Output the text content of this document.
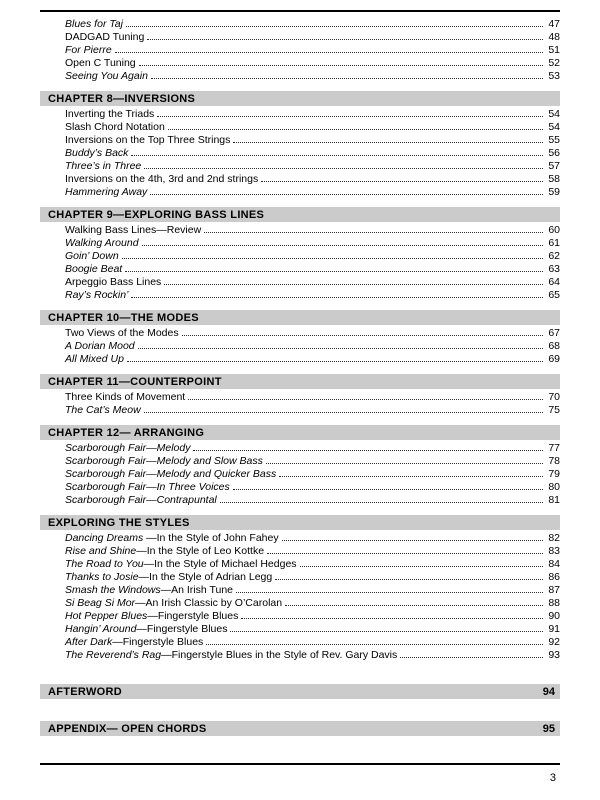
Blues for Taj	47
DADGAD Tuning	48
For Pierre	51
Open C Tuning	52
Seeing You Again	53
CHAPTER 8—INVERSIONS
Inverting the Triads	54
Slash Chord Notation	54
Inversions on the Top Three Strings	55
Buddy’s Back	56
Three’s in Three	57
Inversions on the 4th, 3rd and 2nd strings	58
Hammering Away	59
CHAPTER 9—EXPLORING BASS LINES
Walking Bass Lines—Review	60
Walking Around	61
Goin’ Down	62
Boogie Beat	63
Arpeggio Bass Lines	64
Ray’s Rockin’	65
CHAPTER 10—THE MODES
Two Views of the Modes	67
A Dorian Mood	68
All Mixed Up	69
CHAPTER 11—COUNTERPOINT
Three Kinds of Movement	70
The Cat’s Meow	75
CHAPTER 12— ARRANGING
Scarborough Fair—Melody	77
Scarborough Fair—Melody and Slow Bass	78
Scarborough Fair—Melody and Quicker Bass	79
Scarborough Fair—In Three Voices	80
Scarborough Fair—Contrapuntal	81
EXPLORING THE STYLES
Dancing Dreams —In the Style of John Fahey	82
Rise and Shine—In the Style of Leo Kottke	83
The Road to You—In the Style of Michael Hedges	84
Thanks to Josie—In the Style of Adrian Legg	86
Smash the Windows—An Irish Tune	87
Si Beag Si Mor—An Irish Classic by O’Carolan	88
Hot Pepper Blues—Fingerstyle Blues	90
Hangin’ Around—Fingerstyle Blues	91
After Dark—Fingerstyle Blues	92
The Reverend’s Rag—Fingerstyle Blues in the Style of Rev. Gary Davis	93
AFTERWORD	94
APPENDIX— OPEN CHORDS	95
3
